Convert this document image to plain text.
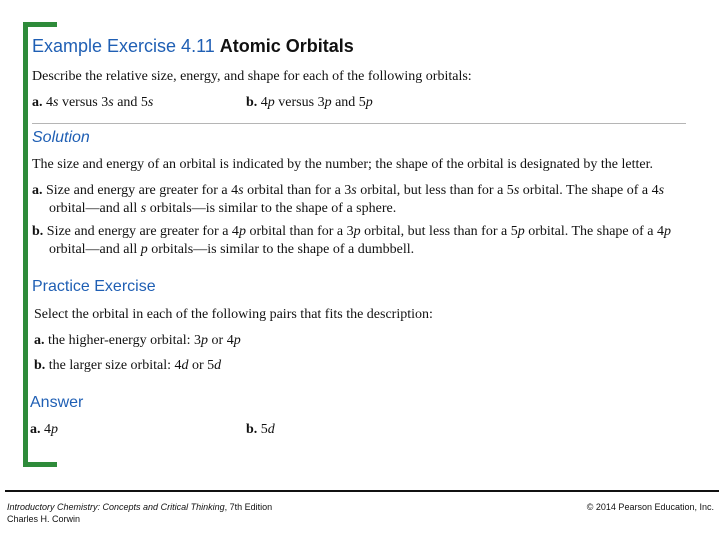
Example Exercise 4.11 Atomic Orbitals
Describe the relative size, energy, and shape for each of the following orbitals:
a. 4s versus 3s and 5s	b. 4p versus 3p and 5p
Solution
The size and energy of an orbital is indicated by the number; the shape of the orbital is designated by the letter.
a. Size and energy are greater for a 4s orbital than for a 3s orbital, but less than for a 5s orbital. The shape of a 4s
orbital—and all s orbitals—is similar to the shape of a sphere.
b. Size and energy are greater for a 4p orbital than for a 3p orbital, but less than for a 5p orbital. The shape of a 4p
orbital—and all p orbitals—is similar to the shape of a dumbbell.
Practice Exercise
Select the orbital in each of the following pairs that fits the description:
a. the higher-energy orbital: 3p or 4p
b. the larger size orbital: 4d or 5d
Answer
a. 4p	b. 5d
Introductory Chemistry: Concepts and Critical Thinking, 7th Edition
Charles H. Corwin
© 2014 Pearson Education, Inc.
